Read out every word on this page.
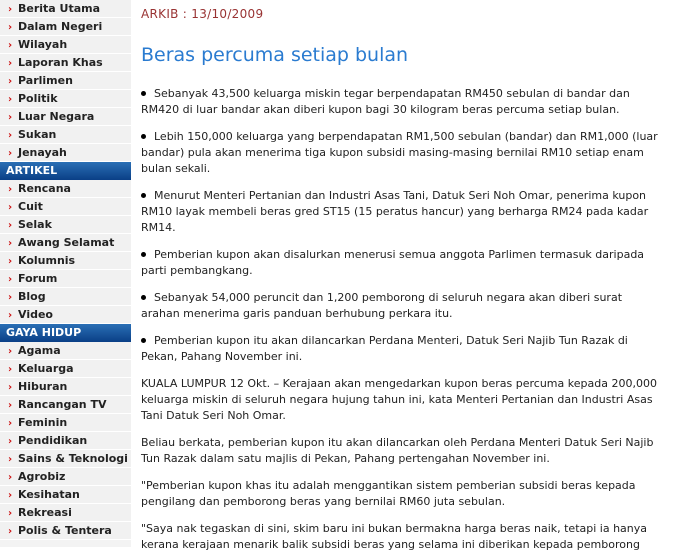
› Berita Utama
› Dalam Negeri
› Wilayah
› Laporan Khas
› Parlimen
› Politik
› Luar Negara
› Sukan
› Jenayah
ARTIKEL
› Rencana
› Cuit
› Selak
› Awang Selamat
› Kolumnis
› Forum
› Blog
› Video
GAYA HIDUP
› Agama
› Keluarga
› Hiburan
› Rancangan TV
› Feminin
› Pendidikan
› Sains & Teknologi
› Agrobiz
› Kesihatan
› Rekreasi
› Polis & Tentera
ARKIB : 13/10/2009
Beras percuma setiap bulan
Sebanyak 43,500 keluarga miskin tegar berpendapatan RM450 sebulan di bandar dan RM420 di luar bandar akan diberi kupon bagi 30 kilogram beras percuma setiap bulan.
Lebih 150,000 keluarga yang berpendapatan RM1,500 sebulan (bandar) dan RM1,000 (luar bandar) pula akan menerima tiga kupon subsidi masing-masing bernilai RM10 setiap enam bulan sekali.
Menurut Menteri Pertanian dan Industri Asas Tani, Datuk Seri Noh Omar, penerima kupon RM10 layak membeli beras gred ST15 (15 peratus hancur) yang berharga RM24 pada kadar RM14.
Pemberian kupon akan disalurkan menerusi semua anggota Parlimen termasuk daripada parti pembangkang.
Sebanyak 54,000 peruncit dan 1,200 pemborong di seluruh negara akan diberi surat arahan menerima garis panduan berhubung perkara itu.
Pemberian kupon itu akan dilancarkan Perdana Menteri, Datuk Seri Najib Tun Razak di Pekan, Pahang November ini.
KUALA LUMPUR 12 Okt. – Kerajaan akan mengedarkan kupon beras percuma kepada 200,000 keluarga miskin di seluruh negara hujung tahun ini, kata Menteri Pertanian dan Industri Asas Tani Datuk Seri Noh Omar.
Beliau berkata, pemberian kupon itu akan dilancarkan oleh Perdana Menteri Datuk Seri Najib Tun Razak dalam satu majlis di Pekan, Pahang pertengahan November ini.
"Pemberian kupon khas itu adalah menggantikan sistem pemberian subsidi beras kepada pengilang dan pemborong beras yang bernilai RM60 juta sebulan.
"Saya nak tegaskan di sini, skim baru ini bukan bermakna harga beras naik, tetapi ia hanya kerana kerajaan menarik balik subsidi beras yang selama ini diberikan kepada pemborong
